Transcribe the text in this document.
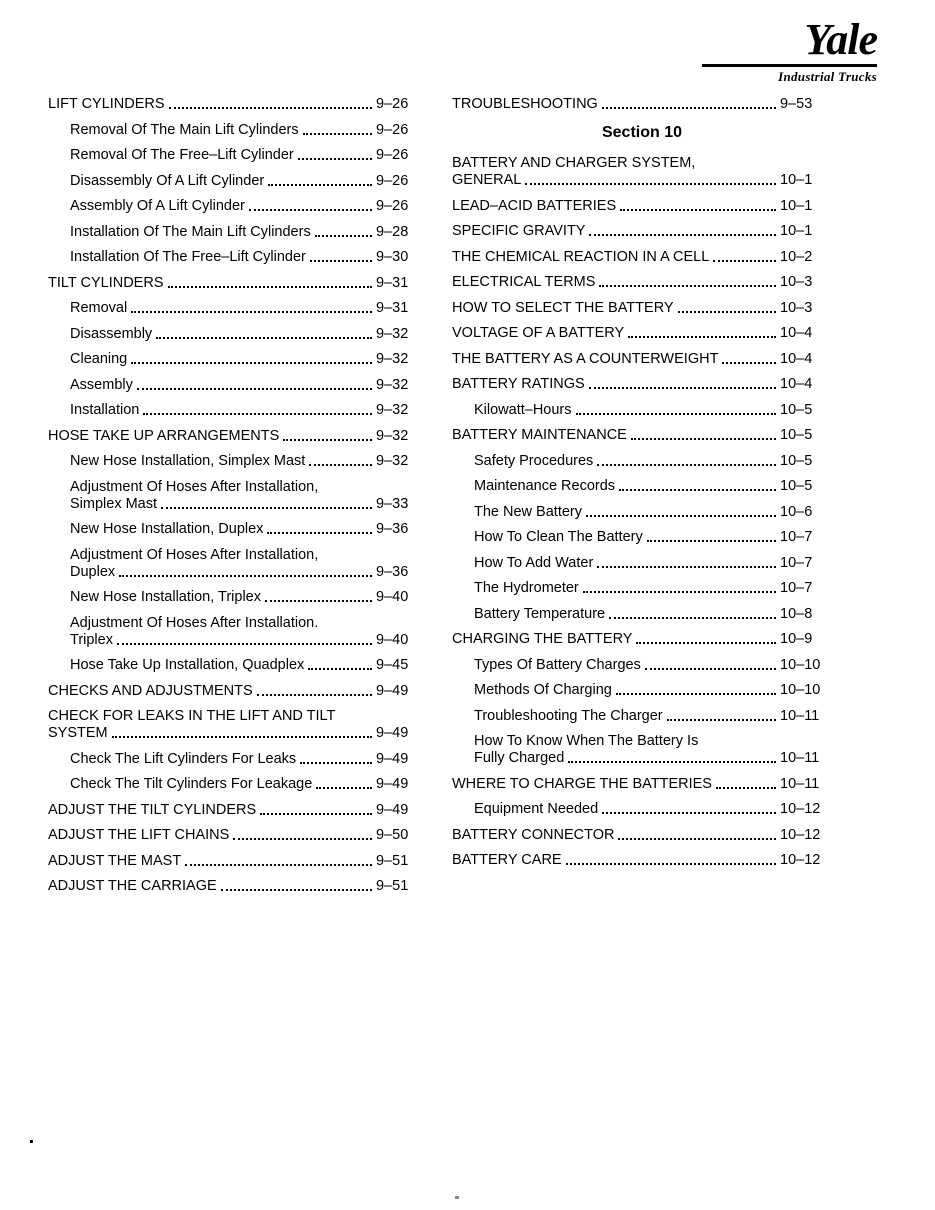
Yale
Industrial Trucks
LIFT CYLINDERS	9–26
Removal Of The Main Lift Cylinders	9–26
Removal Of The Free–Lift Cylinder	9–26
Disassembly Of A Lift Cylinder	9–26
Assembly Of A Lift Cylinder	9–26
Installation Of The Main Lift Cylinders	9–28
Installation Of The Free–Lift Cylinder	9–30
TILT CYLINDERS	9–31
Removal	9–31
Disassembly	9–32
Cleaning	9–32
Assembly	9–32
Installation	9–32
HOSE TAKE UP ARRANGEMENTS	9–32
New Hose Installation, Simplex Mast	9–32
Adjustment Of Hoses After Installation,
Simplex Mast	9–33
New Hose Installation, Duplex	9–36
Adjustment Of Hoses After Installation,
Duplex	9–36
New Hose Installation, Triplex	9–40
Adjustment Of Hoses After Installation.
Triplex	9–40
Hose Take Up Installation, Quadplex	9–45
CHECKS AND ADJUSTMENTS	9–49
CHECK FOR LEAKS IN THE LIFT AND TILT
SYSTEM	9–49
Check The Lift Cylinders For Leaks	9–49
Check The Tilt Cylinders For Leakage	9–49
ADJUST THE TILT CYLINDERS	9–49
ADJUST THE LIFT CHAINS	9–50
ADJUST THE MAST	9–51
ADJUST THE CARRIAGE	9–51
TROUBLESHOOTING	9–53
Section 10
BATTERY AND CHARGER SYSTEM,
GENERAL	10–1
LEAD–ACID BATTERIES	10–1
SPECIFIC GRAVITY	10–1
THE CHEMICAL REACTION IN A CELL	10–2
ELECTRICAL TERMS	10–3
HOW TO SELECT THE BATTERY	10–3
VOLTAGE OF A BATTERY	10–4
THE BATTERY AS A COUNTERWEIGHT	10–4
BATTERY RATINGS	10–4
Kilowatt–Hours	10–5
BATTERY MAINTENANCE	10–5
Safety Procedures	10–5
Maintenance Records	10–5
The New Battery	10–6
How To Clean The Battery	10–7
How To Add Water	10–7
The Hydrometer	10–7
Battery Temperature	10–8
CHARGING THE BATTERY	10–9
Types Of Battery Charges	10–10
Methods Of Charging	10–10
Troubleshooting The Charger	10–11
How To Know When The Battery Is
Fully Charged	10–11
WHERE TO CHARGE THE BATTERIES	10–11
Equipment Needed	10–12
BATTERY CONNECTOR	10–12
BATTERY CARE	10–12
